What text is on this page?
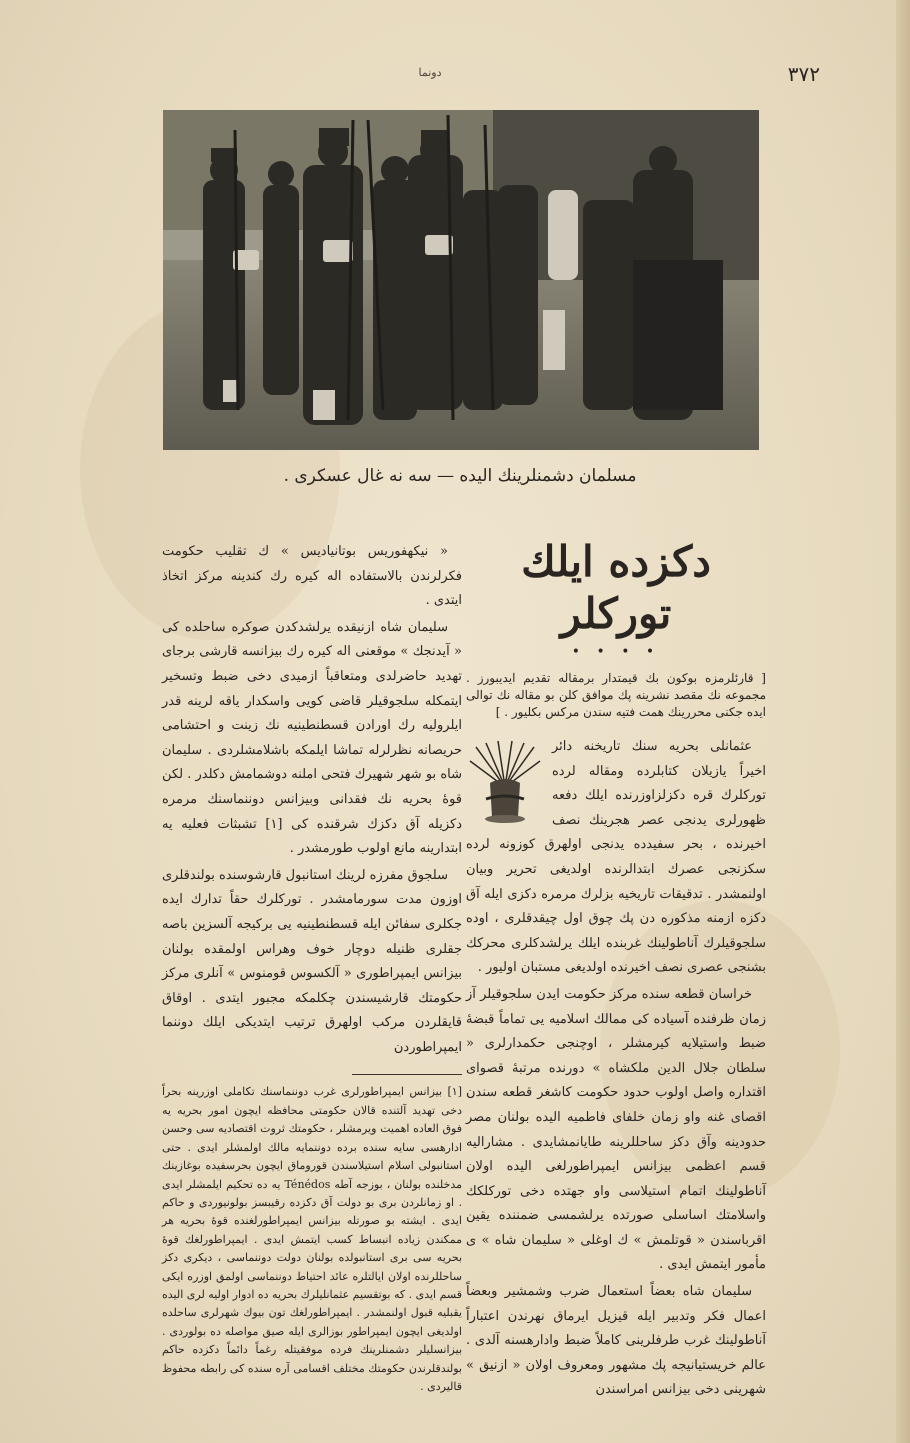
٣٧٢
دونما
مسلمان دشمنلرینك الیده — سه نه غال عسكری .
دكزده ایلك توركلر
• • • •

[ قارئلرمزه بوكون بك قیمتدار برمقاله تقدیم ایدیبورز . مجموعه نك مقصد نشرینه پك موافق كلن بو مقاله نك توالی ایده جكنی محررینك همت فتیه سندن مركس بكلیور . ]

عثمانلی بحریه سنك تاریخنه دائر اخیراً یازیلان كتابلرده ومقاله لرده توركلرك قره دكزلزاوزرنده ایلك دفعه ظهورلری یدنجی عصر هجرینك نصف اخیرنده ، بحر سفیدده یدنجی اولهرق كوزونه لرده سكزنجی عصرك ابتدالرنده اولدیغی تحریر وبیان اولنمشدر . تدقیقات تاریخیه بزلرك مرمره دكزی ایله آق دكزه ازمنه مذكوره دن پك چوق اول چیقدقلری ، اوده سلجوقیلرك آناطولینك غربنده ایلك یرلشدكلری محركك بشنجی عصری نصف اخیرنده اولدیغی مستبان اولیور .

خراسان قطعه سنده مركز حكومت ایدن سلجوقیلر آز زمان ظرفنده آسیاده كی ممالك اسلامیه یی تماماً قبضهٔ ضبط واستیلایه كیرمشلر ، اوچنجی حكمدارلری « سلطان جلال الدین ملكشاه » دورنده مرتبهٔ قصوای اقتداره واصل اولوب حدود حكومت كاشغر قطعه سندن اقصای غنه واو زمان خلفای فاطمیه الیده بولنان مصر حدودینه وآق دكز ساحللرینه طایانمشایدی . مشارالیه قسم اعظمی بیزانس ایمپراطورلغی الیده اولان آناطولینك اتمام استیلاسی واو جهتده دخی توركلكك واسلامتك اساسلی صورتده یرلشمسی ضمننده یقین اقرباسندن « قوتلمش » ك اوغلی « سلیمان شاه » ی مأمور ایتمش ایدی .

سلیمان شاه بعضاً استعمال ضرب وشمشیر وبعضاً اعمال فكر وتدبیر ایله قیزیل ایرماق نهرندن اعتباراً آناطولینك غرب طرفلرینی كاملاً ضبط وادارهسنه آلدی . عالم خریستیانیجه پك مشهور ومعروف اولان « ازنیق » شهرینی دخی بیزانس امراسندن

« نیكهفوریس بوتانیادیس » ك تقلیب حكومت فكرلرندن بالاستفاده اله كیره رك كندینه مركز اتخاذ ایتدی .

سلیمان شاه ازنیقده یرلشدكدن صوكره ساحلده كی « آیدنجك » موقعنی اله كیره رك بیزانسه قارشی برجای تهدید حاضرلدی ومتعاقباً ازمیدی دخی ضبط وتسخیر ایتمكله سلجوقیلر قاضی كویی واسكدار یاقه لرینه قدر ایلرولیه رك اورادن قسطنطینیه نك زینت و احتشامی حریصانه نظرلرله تماشا ایلمكه باشلامشلردی . سلیمان شاه بو شهر شهیرك فتحی املنه دوشمامش دكلدر . لكن قوهٔ بحریه نك فقدانی وبیزانس دوننماسنك مرمره دكزیله آق دكزك شرقنده كی [١] تشبثات فعلیه یه ابتدارینه مانع اولوب طورمشدر .

سلجوق مفرزه لرینك استانبول قارشوسنده بولندقلری اوزون مدت سورمامشدر . توركلرك حقاً تدارك ایده جكلری سفائن ایله قسطنطینیه یی بركیجه آلسزین باصه جقلری ظنیله دوچار خوف وهراس اولمقده بولنان بیزانس ایمپراطوری « آلكسوس قومنوس » آنلری مركز حكومتك قارشیسندن چكلمكه مجبور ایتدی . اوقاق قایقلردن مركب اولهرق ترتیب ایتدیكی ایلك دوننما ایمپراطوردن

[١] بیزانس ایمپراطورلری غرب دوننماسنك تكاملی اوزرینه بحراً دخی تهدید آلتنده قالان حكومتی محافظه ایچون امور بحریه یه فوق العاده اهمیت ویرمشلر ، حكومتك ثروت اقتصادیه سی وحسن ادارهسی سایه سنده برده دوننمایه مالك اولمشلر ایدی . حتی استانبولی اسلام استیلاسندن قوروماق ایچون بحرسفیده بوغازینك مدخلنده بولنان ، بوزجه آطه Ténédos یه ده تحكیم ایلمشلر ایدی . او زمانلردن بری بو دولت آق دكزده رقیبسز بولونیوردی و حاكم ایدی . ایشته بو صورتله بیزانس ایمپراطورلغنده قوهٔ بحریه هر ممكندن زیاده انبساط كسب ایتمش ایدی . ایمپراطورلغك قوهٔ بحریه سی بری استانبولده بولنان دولت دوننماسی ، دیكری دكز ساحللرنده اولان ایالتلره عائد احتیاط دوننماسی اولمق اوزره ایكی قسم ایدی . كه بوتقسیم عثمانلیلرك بحریه ده ادوار اولیه لری الیده یقبلیه قبول اولنمشدر . ایمپراطورلغك تون بیوك شهرلری ساحلده اولدیغی ایچون ایمپراطور بوزالری ایله صیق مواصله ده بولوردی . بیزانسلیلر دشمنلرینك فرده موفقیتله رغماً دائماً دكزده حاكم بولندقلرندن حكومتك مختلف اقسامی آره سنده كی رابطه محفوظ قالیردی .
